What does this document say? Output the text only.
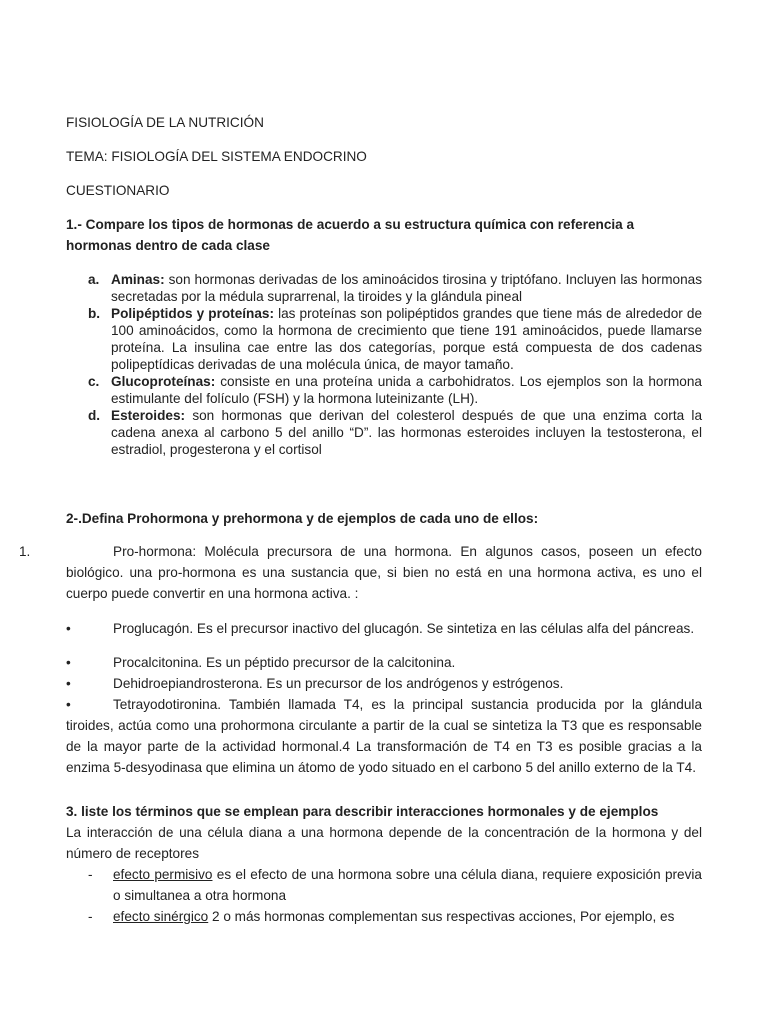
FISIOLOGÍA DE LA NUTRICIÓN

TEMA: FISIOLOGÍA DEL SISTEMA ENDOCRINO

CUESTIONARIO

1.- Compare los tipos de hormonas de acuerdo a su estructura química con referencia a hormonas dentro de cada clase

a. Aminas: son hormonas derivadas de los aminoácidos tirosina y triptófano. Incluyen las hormonas secretadas por la médula suprarrenal, la tiroides y la glándula pineal
b. Polipéptidos y proteínas: las proteínas son polipéptidos grandes que tiene más de alrededor de 100 aminoácidos, como la hormona de crecimiento que tiene 191 aminoácidos, puede llamarse proteína. La insulina cae entre las dos categorías, porque está compuesta de dos cadenas polipeptídicas derivadas de una molécula única, de mayor tamaño.
c. Glucoproteínas: consiste en una proteína unida a carbohidratos. Los ejemplos son la hormona estimulante del folículo (FSH) y la hormona luteinizante (LH).
d. Esteroides: son hormonas que derivan del colesterol después de que una enzima corta la cadena anexa al carbono 5 del anillo “D”. las hormonas esteroides incluyen la testosterona, el estradiol, progesterona y el cortisol

2-.Defina Prohormona y prehormona y de ejemplos de cada uno de ellos:

1.	Pro-hormona: Molécula precursora de una hormona. En algunos casos, poseen un efecto biológico. una pro-hormona es una sustancia que, si bien no está en una hormona activa, es uno el cuerpo puede convertir en una hormona activa. :
•	Proglucagón. Es el precursor inactivo del glucagón. Se sintetiza en las células alfa del páncreas.
•	Procalcitonina. Es un péptido precursor de la calcitonina.
•	Dehidroepiandrosterona. Es un precursor de los andrógenos y estrógenos.
•	Tetrayodotironina. También llamada T4, es la principal sustancia producida por la glándula tiroides, actúa como una prohormona circulante a partir de la cual se sintetiza la T3 que es responsable de la mayor parte de la actividad hormonal.4 La transformación de T4 en T3 es posible gracias a la enzima 5-desyodinasa que elimina un átomo de yodo situado en el carbono 5 del anillo externo de la T4.

3. liste los términos que se emplean para describir interacciones hormonales y de ejemplos

La interacción de una célula diana a una hormona depende de la concentración de la hormona y del número de receptores

- efecto permisivo es el efecto de una hormona sobre una célula diana, requiere exposición previa o simultanea a otra hormona
- efecto sinérgico 2 o más hormonas complementan sus respectivas acciones, Por ejemplo, es
